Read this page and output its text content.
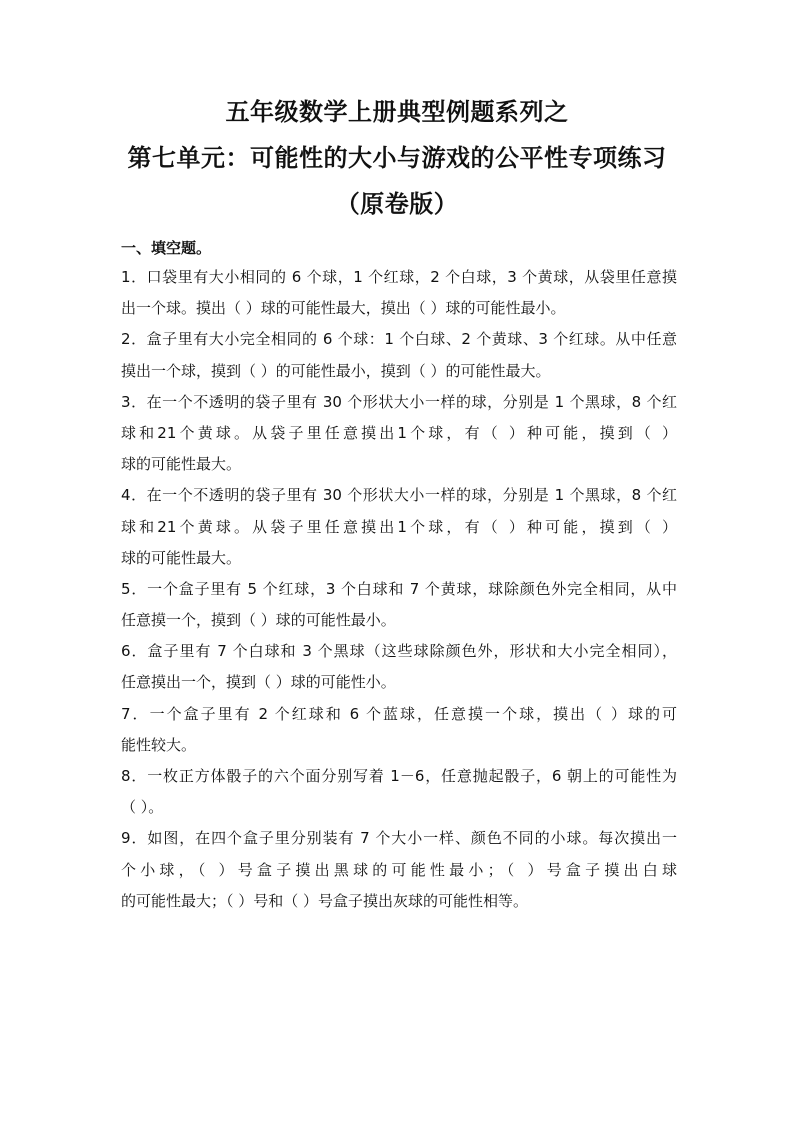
五年级数学上册典型例题系列之
第七单元：可能性的大小与游戏的公平性专项练习
（原卷版）
一、填空题。
1．口袋里有大小相同的 6 个球，1 个红球，2 个白球，3 个黄球，从袋里任意摸
出一个球。摸出（ ）球的可能性最大，摸出（ ）球的可能性最小。
2．盒子里有大小完全相同的 6 个球：1 个白球、2 个黄球、3 个红球。从中任意
摸出一个球，摸到（ ）的可能性最小，摸到（ ）的可能性最大。
3．在一个不透明的袋子里有 30 个形状大小一样的球，分别是 1 个黑球，8 个红
球和21个黄球。从袋子里任意摸出1个球，有（ ）种可能，摸到（ ）
球的可能性最大。
4．在一个不透明的袋子里有 30 个形状大小一样的球，分别是 1 个黑球，8 个红
球和21个黄球。从袋子里任意摸出1个球，有（ ）种可能，摸到（ ）
球的可能性最大。
5．一个盒子里有 5 个红球，3 个白球和 7 个黄球，球除颜色外完全相同，从中
任意摸一个，摸到（ ）球的可能性最小。
6．盒子里有 7 个白球和 3 个黑球（这些球除颜色外，形状和大小完全相同），
任意摸出一个，摸到（ ）球的可能性小。
7．一个盒子里有 2 个红球和 6 个蓝球，任意摸一个球，摸出（ ）球的可
能性较大。
8．一枚正方体骰子的六个面分别写着 1－6，任意抛起骰子，6 朝上的可能性为
（ ）。
9．如图，在四个盒子里分别装有 7 个大小一样、颜色不同的小球。每次摸出一
个小球，（ ）号盒子摸出黑球的可能性最小；（ ）号盒子摸出白球
的可能性最大；（ ）号和（ ）号盒子摸出灰球的可能性相等。
